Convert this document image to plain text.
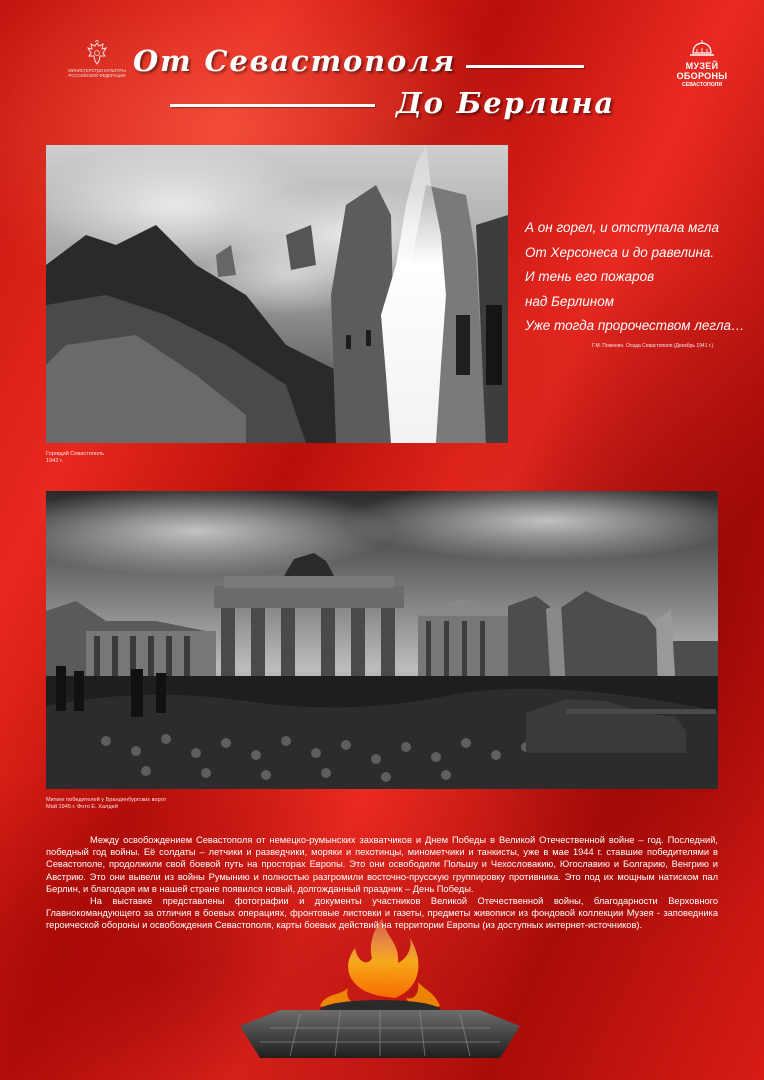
МИНИСТЕРСТВО КУЛЬТУРЫ
РОССИЙСКОЙ ФЕДЕРАЦИИ От Севастополя
До Берлина
МУЗЕЙ
ОБОРОНЫ
СЕВАСТОПОЛЯ
Горящий Севастополь
1942 г.
А он горел, и отступала мгла
От Херсонеса и до равелина.
И тень его пожаров
над Берлином
Уже тогда пророчеством легла…
Г.М. Поженян. Осада Севастополя (Декабрь 1941 г.)
Митинг победителей у Бранденбургских ворот
Май 1945 г. Фото Е. Халдей

Между освобождением Севастополя от немецко-румынских захватчиков и Днем Победы в Великой Отечественной войне – год. Последний, победный год войны. Её солдаты – летчики и разведчики, моряки и пехотинцы, минометчики и танкисты, уже в мае 1944 г. ставшие победителями в Севастополе, продолжили свой боевой путь на просторах Европы. Это они освободили Польшу и Чехословакию, Югославию и Болгарию, Венгрию и Австрию. Это они вывели из войны Румынию и полностью разгромили восточно-прусскую группировку противника. Это под их мощным натиском пал Берлин, и благодаря им в нашей стране появился новый, долгожданный праздник – День Победы.

На выставке представлены фотографии и документы участников Великой Отечественной войны, благодарности Верховного Главнокомандующего за отличия в боевых операциях, фронтовые листовки и газеты, предметы живописи из фондовой коллекции Музея - заповедника героической обороны и освобождения Севастополя, карты боевых действий на территории Европы (из доступных интернет-источников).
